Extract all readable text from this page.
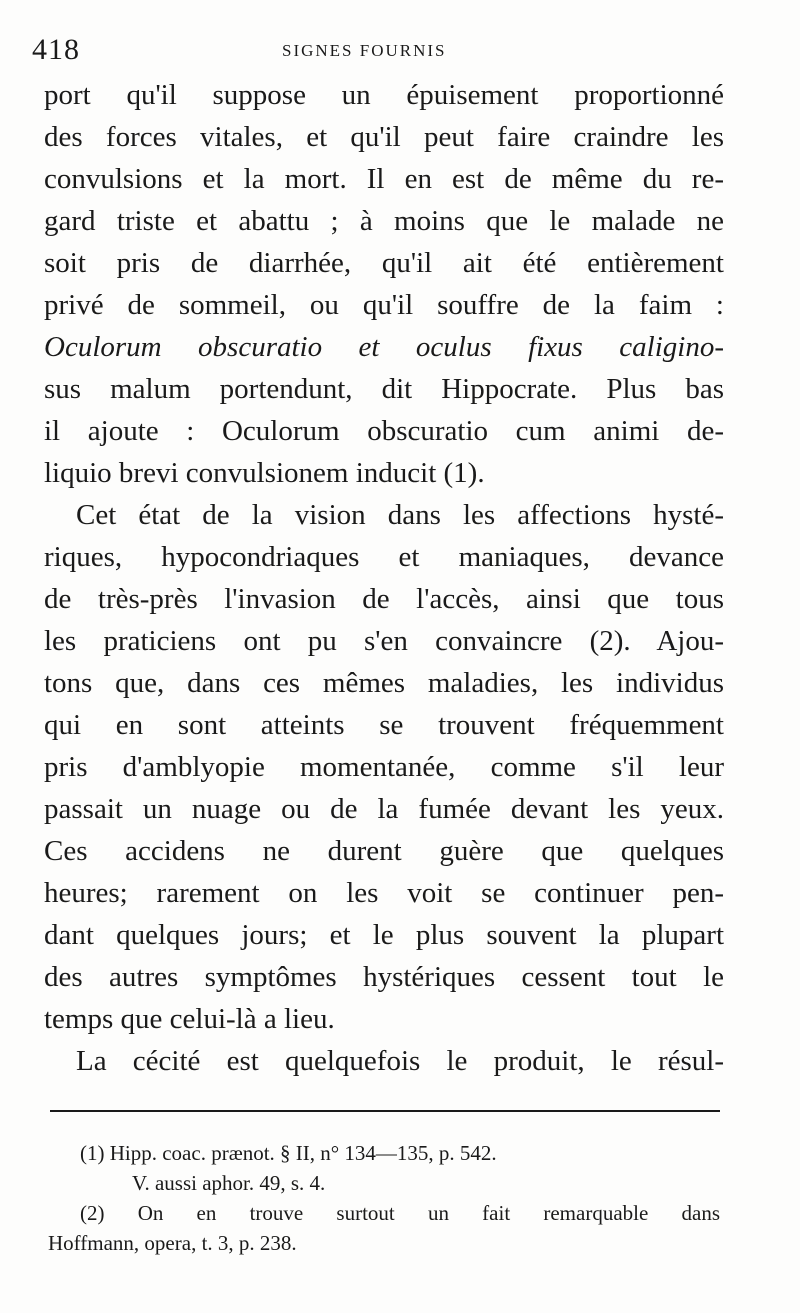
418	SIGNES FOURNIS
port qu'il suppose un épuisement proportionné
des forces vitales, et qu'il peut faire craindre les
convulsions et la mort. Il en est de même du re-
gard triste et abattu ; à moins que le malade ne
soit pris de diarrhée, qu'il ait été entièrement
privé de sommeil, ou qu'il souffre de la faim :
Oculorum obscuratio et oculus fixus caligino-
sus malum portendunt, dit Hippocrate. Plus bas
il ajoute : Oculorum obscuratio cum animi de-
liquio brevi convulsionem inducit (1).
Cet état de la vision dans les affections hysté-
riques, hypocondriaques et maniaques, devance
de très-près l'invasion de l'accès, ainsi que tous
les praticiens ont pu s'en convaincre (2). Ajou-
tons que, dans ces mêmes maladies, les individus
qui en sont atteints se trouvent fréquemment
pris d'amblyopie momentanée, comme s'il leur
passait un nuage ou de la fumée devant les yeux.
Ces accidens ne durent guère que quelques
heures; rarement on les voit se continuer pen-
dant quelques jours; et le plus souvent la plupart
des autres symptômes hystériques cessent tout le
temps que celui-là a lieu.
La cécité est quelquefois le produit, le résul-
(1) Hipp. coac. prænot. § II, n° 134—135, p. 542.
V. aussi aphor. 49, s. 4.
(2) On en trouve surtout un fait remarquable dans
Hoffmann, opera, t. 3, p. 238.
